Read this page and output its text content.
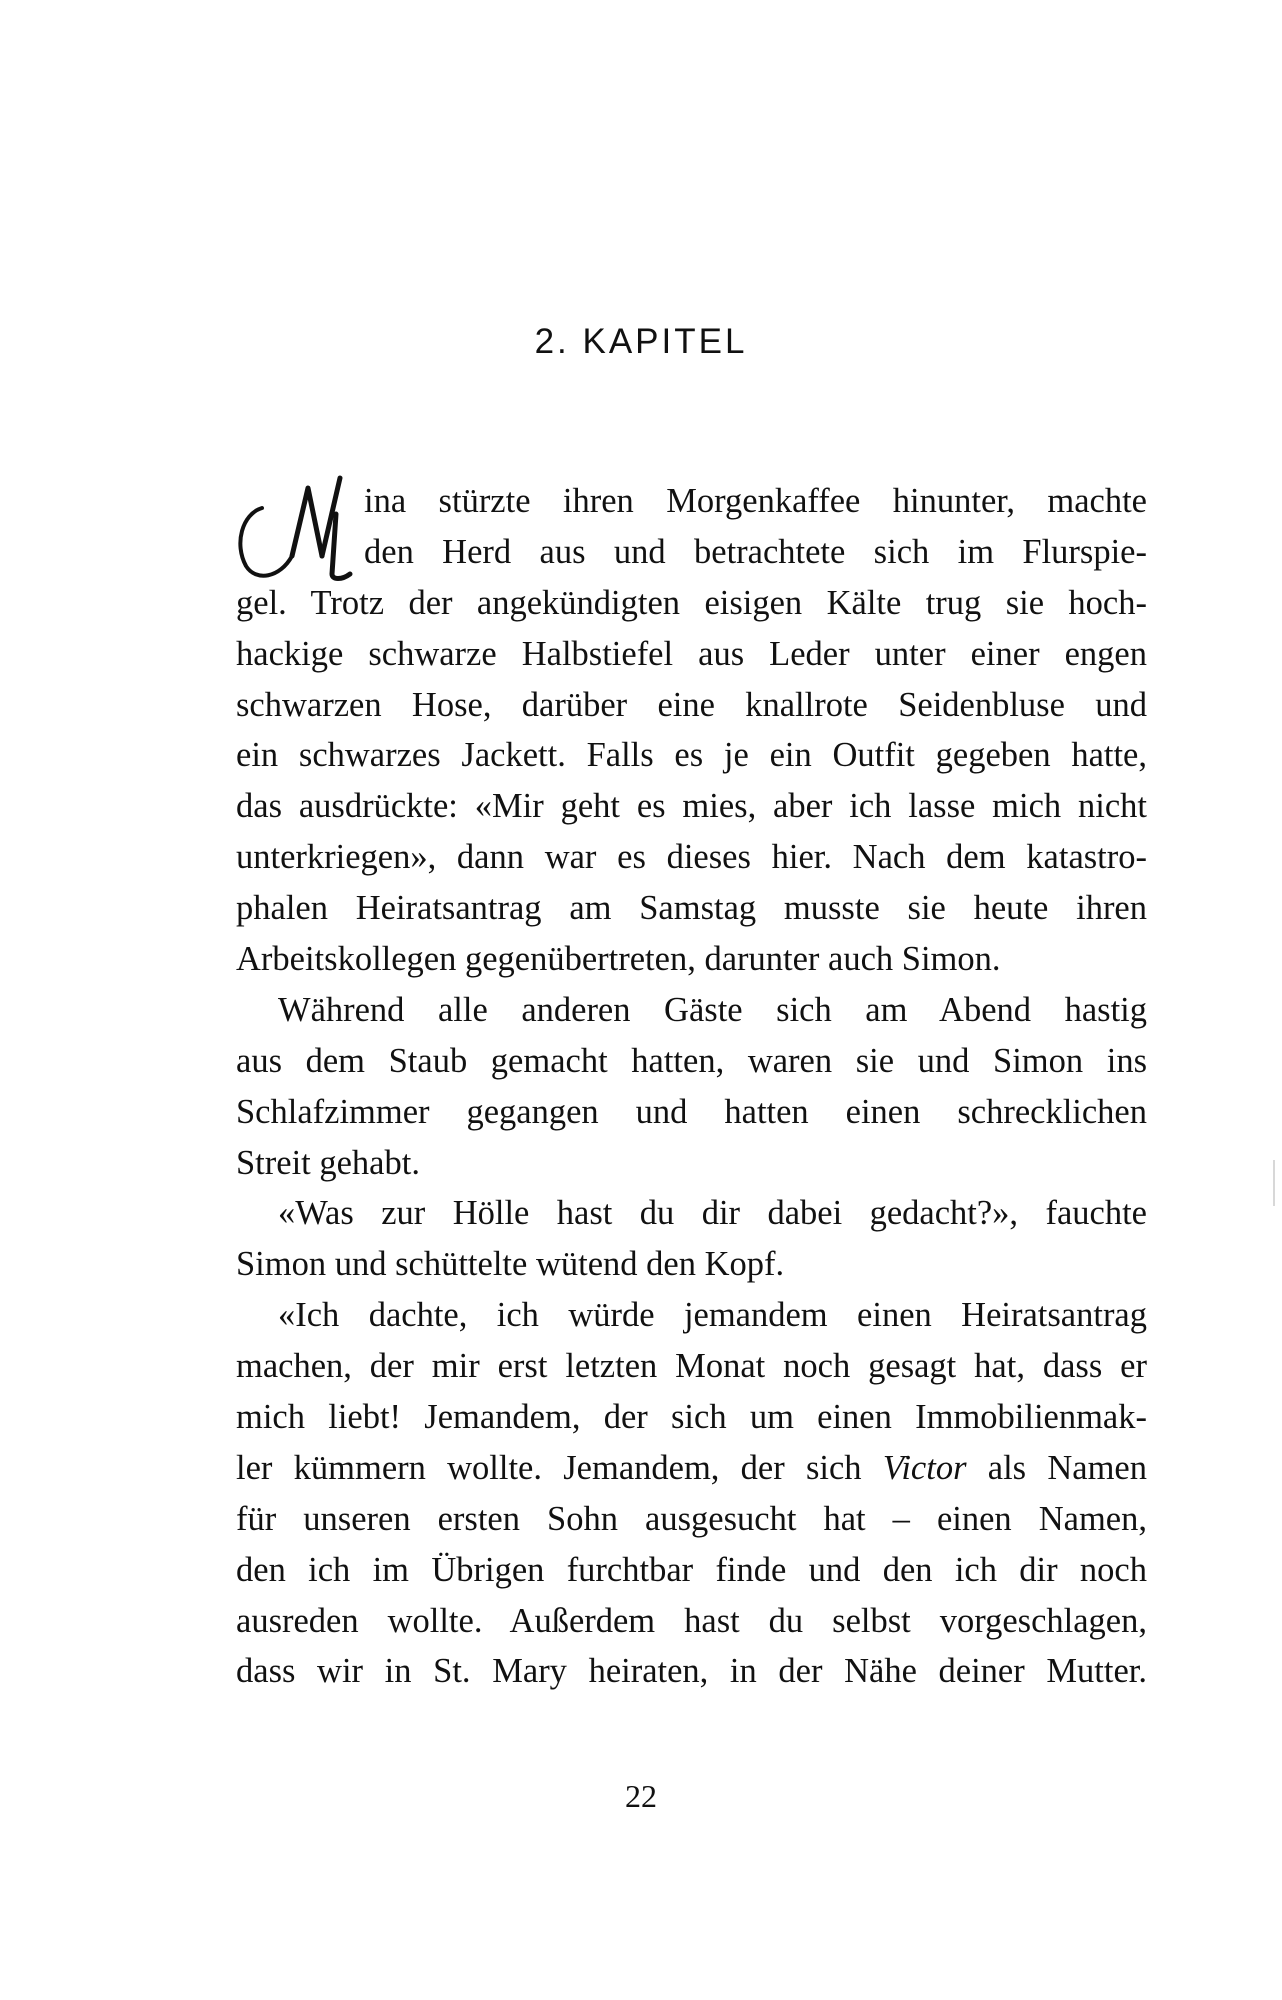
2. KAPITEL
ina stürzte ihren Morgenkaffee hinunter, machte
den Herd aus und betrachtete sich im Flurspie-
gel. Trotz der angekündigten eisigen Kälte trug sie hoch-
hackige schwarze Halbstiefel aus Leder unter einer engen
schwarzen Hose, darüber eine knallrote Seidenbluse und
ein schwarzes Jackett. Falls es je ein Outfit gegeben hatte,
das ausdrückte: «Mir geht es mies, aber ich lasse mich nicht
unterkriegen», dann war es dieses hier. Nach dem katastro-
phalen Heiratsantrag am Samstag musste sie heute ihren
Arbeitskollegen gegenübertreten, darunter auch Simon.
Während alle anderen Gäste sich am Abend hastig
aus dem Staub gemacht hatten, waren sie und Simon ins
Schlafzimmer gegangen und hatten einen schrecklichen
Streit gehabt.
«Was zur Hölle hast du dir dabei gedacht?», fauchte
Simon und schüttelte wütend den Kopf.
«Ich dachte, ich würde jemandem einen Heiratsantrag
machen, der mir erst letzten Monat noch gesagt hat, dass er
mich liebt! Jemandem, der sich um einen Immobilienmak-
ler kümmern wollte. Jemandem, der sich Victor als Namen
für unseren ersten Sohn ausgesucht hat – einen Namen,
den ich im Übrigen furchtbar finde und den ich dir noch
ausreden wollte. Außerdem hast du selbst vorgeschlagen,
dass wir in St. Mary heiraten, in der Nähe deiner Mutter.
22
